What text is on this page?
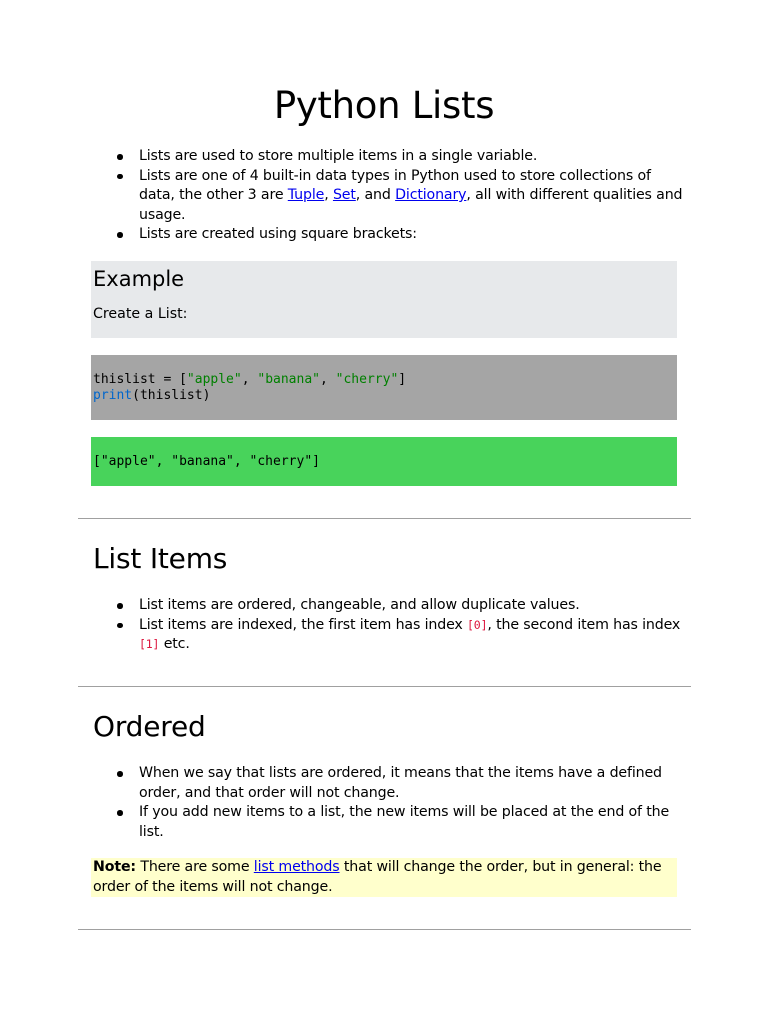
Python Lists
Lists are used to store multiple items in a single variable.
Lists are one of 4 built-in data types in Python used to store collections of data, the other 3 are Tuple, Set, and Dictionary, all with different qualities and usage.
Lists are created using square brackets:
Example

Create a List:

thislist = ["apple", "banana", "cherry"]
print(thislist)
["apple", "banana", "cherry"]
List Items
List items are ordered, changeable, and allow duplicate values.
List items are indexed, the first item has index [0], the second item has index [1] etc.
Ordered
When we say that lists are ordered, it means that the items have a defined order, and that order will not change.
If you add new items to a list, the new items will be placed at the end of the list.
Note: There are some list methods that will change the order, but in general: the order of the items will not change.
